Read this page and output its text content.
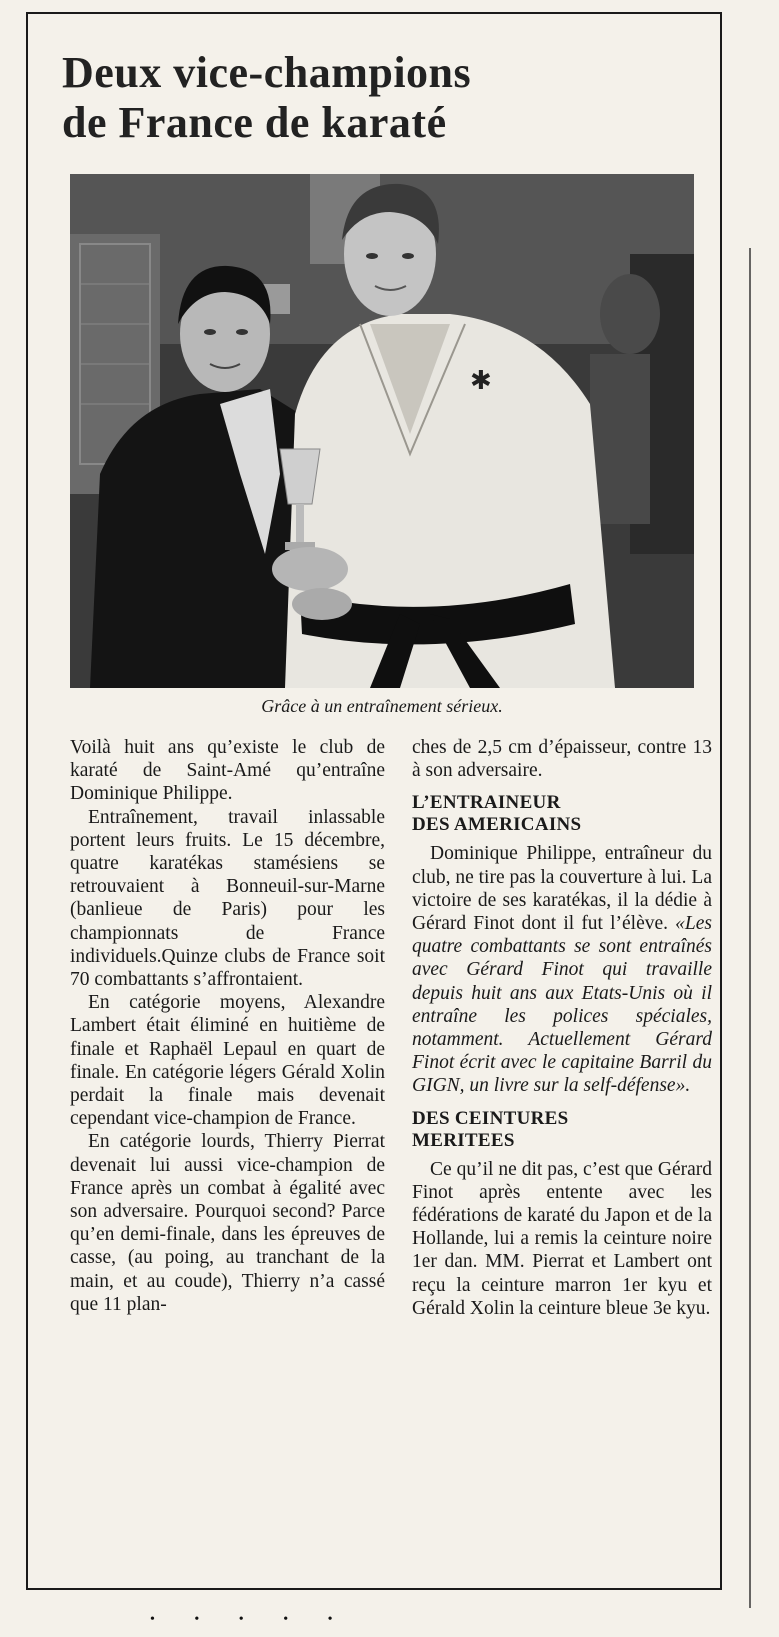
Deux vice-champions
de France de karaté
✱
Grâce à un entraînement sérieux.

Voilà huit ans qu’existe le club de karaté de Saint-Amé qu’entraîne Dominique Philippe.

Entraînement, travail inlassable portent leurs fruits. Le 15 décembre, quatre karatékas stamésiens se retrouvaient à Bonneuil-sur-Marne (banlieue de Paris) pour les championnats de France individuels.Quinze clubs de France soit 70 combattants s’affrontaient.

En catégorie moyens, Alexandre Lambert était éliminé en huitième de finale et Raphaël Lepaul en quart de finale. En catégorie légers Gérald Xolin perdait la finale mais devenait cependant vice-champion de France.

En catégorie lourds, Thierry Pierrat devenait lui aussi vice-champion de France après un combat à égalité avec son adversaire. Pourquoi second? Parce qu’en demi-finale, dans les épreuves de casse, (au poing, au tranchant de la main, et au coude), Thierry n’a cassé que 11 plan-

ches de 2,5 cm d’épaisseur, contre 13 à son adversaire.

L’ENTRAINEUR
DES AMERICAINS

Dominique Philippe, entraîneur du club, ne tire pas la couverture à lui. La victoire de ses karatékas, il la dédie à Gérard Finot dont il fut l’élève. «Les quatre combattants se sont entraînés avec Gérard Finot qui travaille depuis huit ans aux Etats-Unis où il entraîne les polices spéciales, notamment. Actuellement Gérard Finot écrit avec le capitaine Barril du GIGN, un livre sur la self-défense».

DES CEINTURES
MERITEES

Ce qu’il ne dit pas, c’est que Gérard Finot après entente avec les fédérations de karaté du Japon et de la Hollande, lui a remis la ceinture noire 1er dan. MM. Pierrat et Lambert ont reçu la ceinture marron 1er kyu et Gérald Xolin la ceinture bleue 3e kyu.

• • • • •
